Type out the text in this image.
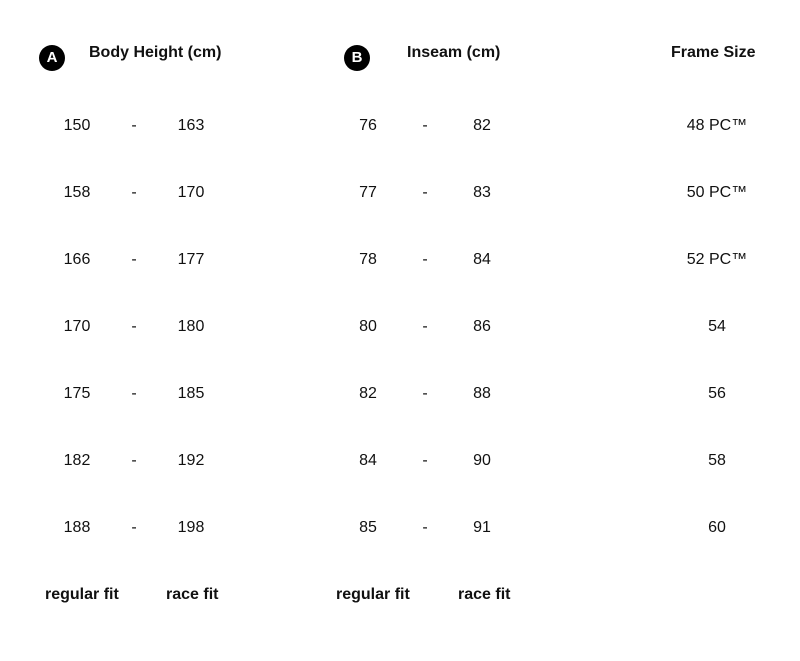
A	Body Height (cm)	B	Inseam (cm)	Frame Size
150	-	163	76	-	82	48 PC™
158	-	170	77	-	83	50 PC™
166	-	177	78	-	84	52 PC™
170	-	180	80	-	86	54
175	-	185	82	-	88	56
182	-	192	84	-	90	58
188	-	198	85	-	91	60
regular fit	race fit	regular fit	race fit
